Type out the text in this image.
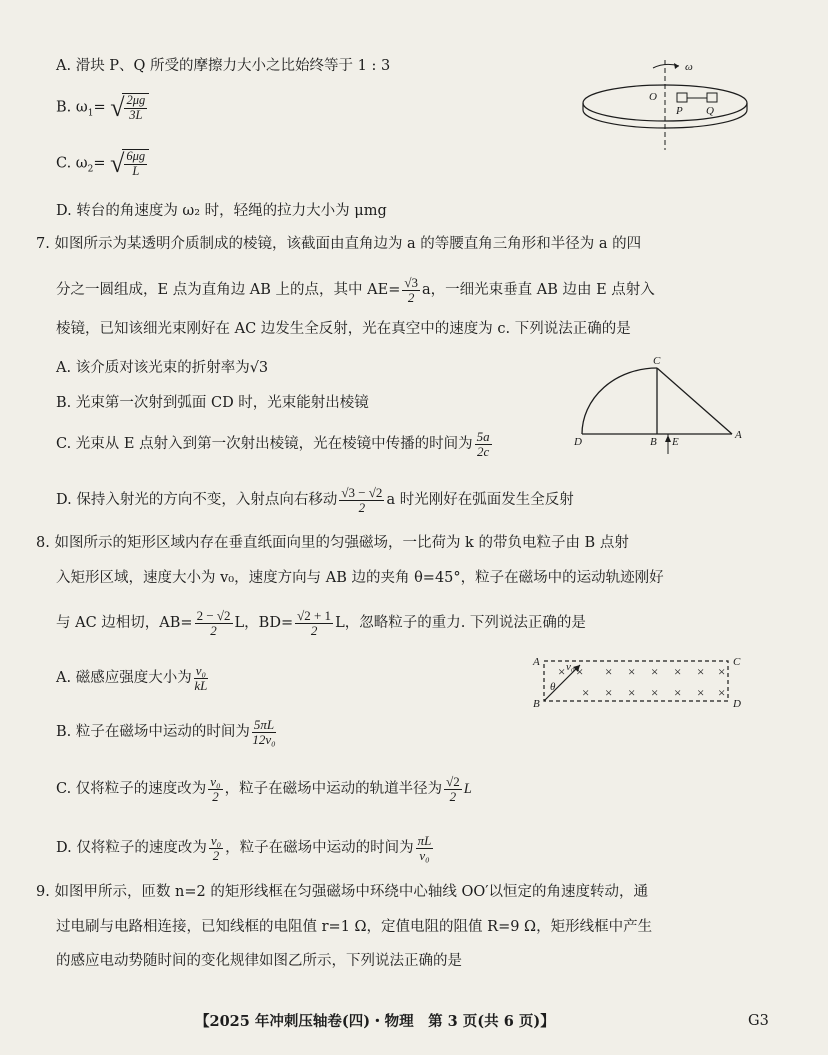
A. 滑块 P、Q 所受的摩擦力大小之比始终等于 1 : 3
B. $\omega_1=$ √ $\frac{2\mu g}{3L}$
C. $\omega_2=$ √ $\frac{6\mu g}{L}$
D. 转台的角速度为 ω₂ 时，轻绳的拉力大小为 μmg
ω
O
P Q
7. 如图所示为某透明介质制成的棱镜，该截面由直角边为 a 的等腰直角三角形和半径为 a 的四
分之一圆组成，E 点为直角边 AB 上的点，其中 $AE= \frac{√3}{2}$ a，一细光束垂直 AB 边由 E 点射入
棱镜，已知该细光束刚好在 AC 边发生全反射，光在真空中的速度为 c. 下列说法正确的是
A. 该介质对该光束的折射率为√3
B. 光束第一次射到弧面 CD 时，光束能射出棱镜
C. 光束从 E 点射入到第一次射出棱镜，光在棱镜中传播的时间为 $\frac{5a}{2c}$
D. 保持入射光的方向不变，入射点向右移动 $\frac{√3 - √2}{2}$ a 时光刚好在弧面发生全反射
C
D	B E
A
8. 如图所示的矩形区域内存在垂直纸面向里的匀强磁场，一比荷为 k 的带负电粒子由 B 点射
入矩形区域，速度大小为 v₀，速度方向与 AB 边的夹角 θ=45°，粒子在磁场中的运动轨迹刚好
与 AC 边相切，$AB= \frac{2 - √2}{2}$ L，$BD= \frac{√2 + 1}{2}$ L，忽略粒子的重力. 下列说法正确的是
A. 磁感应强度大小为 $\frac{\text{v₀}}{kL}$
B. 粒子在磁场中运动的时间为 $\frac{5\pi L}{\text{12v₀}}$
C. 仅将粒子的速度改为 $\frac{\text{v₀}}{2}$ ，粒子在磁场中运动的轨道半径为 $\frac{√2}{2}$ L
D. 仅将粒子的速度改为 $\frac{\text{v₀}}{2}$ ，粒子在磁场中运动的时间为 $\frac{\pi L}{\text{v₀}}$
A	C
B	D
v₀
θ
× × × × × × × ×
× × × × × × ×
9. 如图甲所示，匝数 n=2 的矩形线框在匀强磁场中环绕中心轴线 OO′以恒定的角速度转动，通
过电刷与电路相连接，已知线框的电阻值 r=1 Ω，定值电阻的阻值 R=9 Ω，矩形线框中产生
的感应电动势随时间的变化规律如图乙所示，下列说法正确的是
【2025 年冲刺压轴卷(四)・物理　第 3 页(共 6 页)】	G3
